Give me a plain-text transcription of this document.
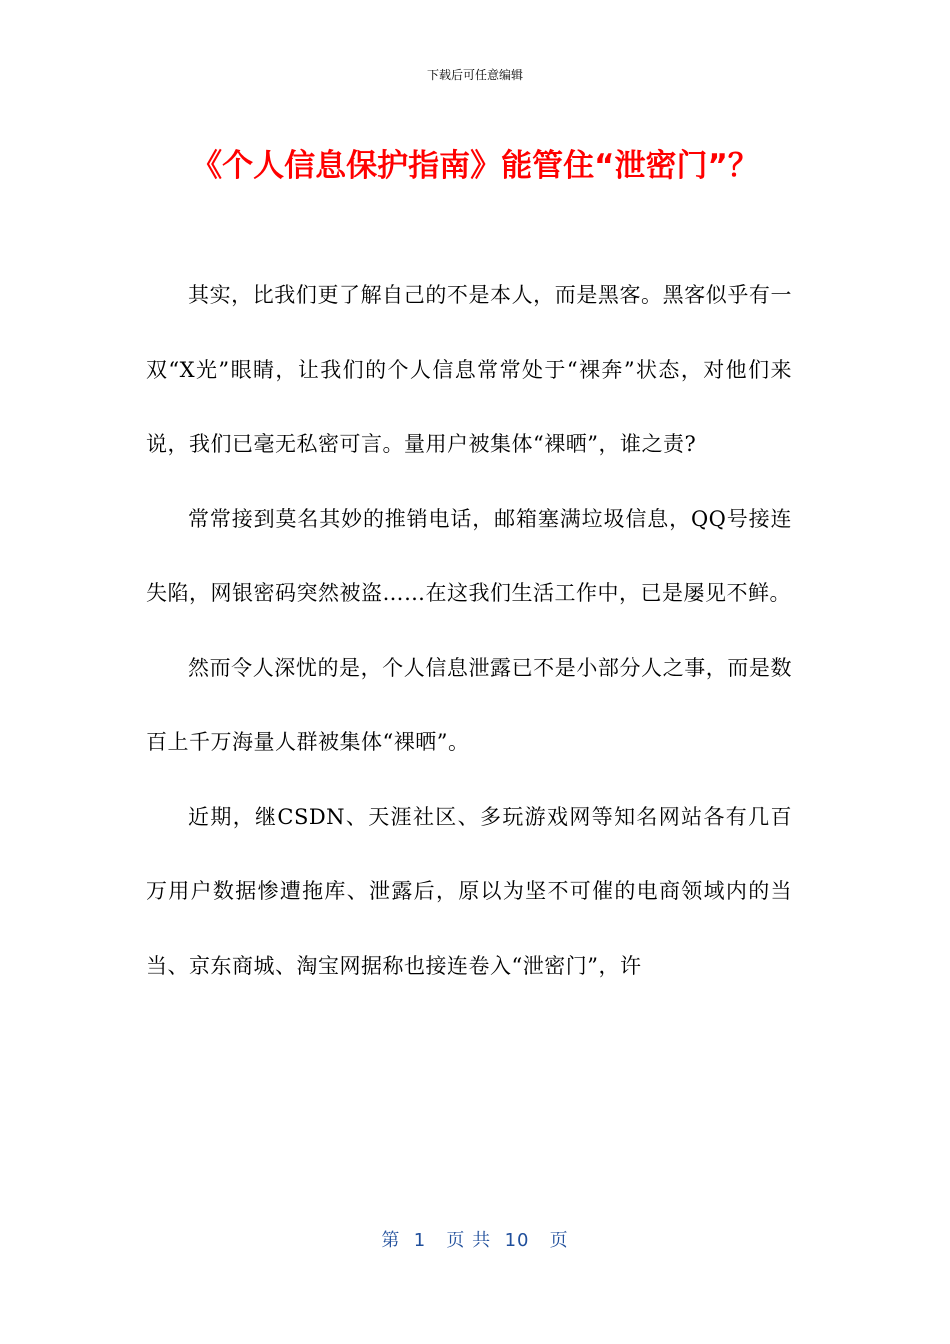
下载后可任意编辑
《个人信息保护指南》能管住“泄密门”？

其实，比我们更了解自己的不是本人，而是黑客。黑客似乎有一双“X光”眼睛，让我们的个人信息常常处于“裸奔”状态，对他们来说，我们已毫无私密可言。量用户被集体“裸晒”，谁之责?

常常接到莫名其妙的推销电话，邮箱塞满垃圾信息，QQ号接连失陷，网银密码突然被盗……在这我们生活工作中，已是屡见不鲜。

然而令人深忧的是，个人信息泄露已不是小部分人之事，而是数百上千万海量人群被集体“裸晒”。

近期，继CSDN、天涯社区、多玩游戏网等知名网站各有几百万用户数据惨遭拖库、泄露后，原以为坚不可催的电商领域内的当当、京东商城、淘宝网据称也接连卷入“泄密门”，许

第  1   页 共  10   页
